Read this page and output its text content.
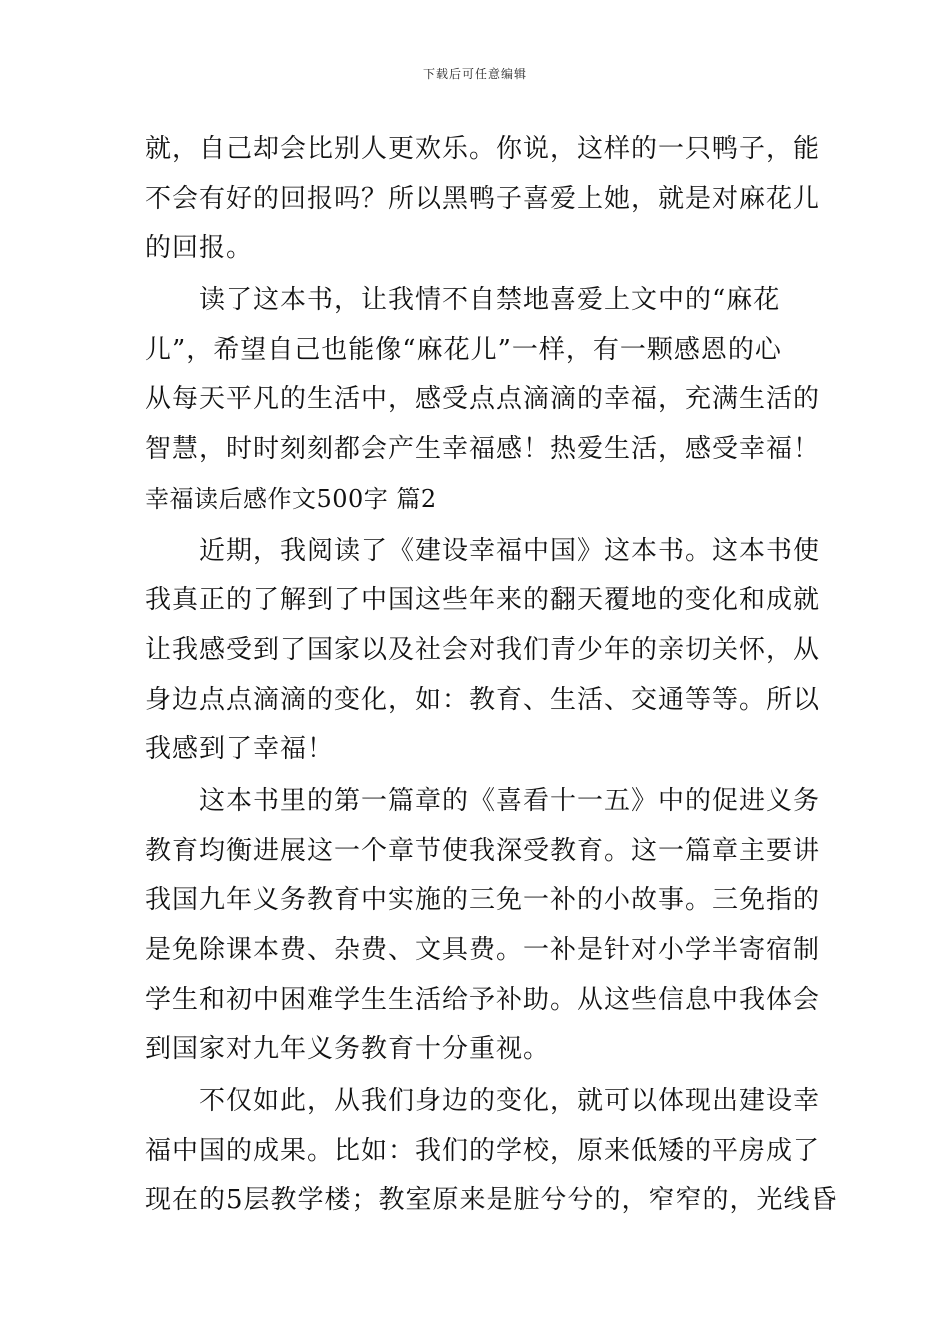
下载后可任意编辑
就，自己却会比别人更欢乐。你说，这样的一只鸭子，能
不会有好的回报吗？所以黑鸭子喜爱上她，就是对麻花儿
的回报。
读了这本书，让我情不自禁地喜爱上文中的“麻花
儿”，希望自己也能像“麻花儿”一样，有一颗感恩的心
从每天平凡的生活中，感受点点滴滴的幸福，充满生活的
智慧，时时刻刻都会产生幸福感！热爱生活，感受幸福！
幸福读后感作文500字 篇2
近期，我阅读了《建设幸福中国》这本书。这本书使
我真正的了解到了中国这些年来的翻天覆地的变化和成就
让我感受到了国家以及社会对我们青少年的亲切关怀，从
身边点点滴滴的变化，如：教育、生活、交通等等。所以
我感到了幸福！
这本书里的第一篇章的《喜看十一五》中的促进义务
教育均衡进展这一个章节使我深受教育。这一篇章主要讲
我国九年义务教育中实施的三免一补的小故事。三免指的
是免除课本费、杂费、文具费。一补是针对小学半寄宿制
学生和初中困难学生生活给予补助。从这些信息中我体会
到国家对九年义务教育十分重视。
不仅如此，从我们身边的变化，就可以体现出建设幸
福中国的成果。比如：我们的学校，原来低矮的平房成了
现在的5层教学楼；教室原来是脏兮兮的，窄窄的，光线昏
